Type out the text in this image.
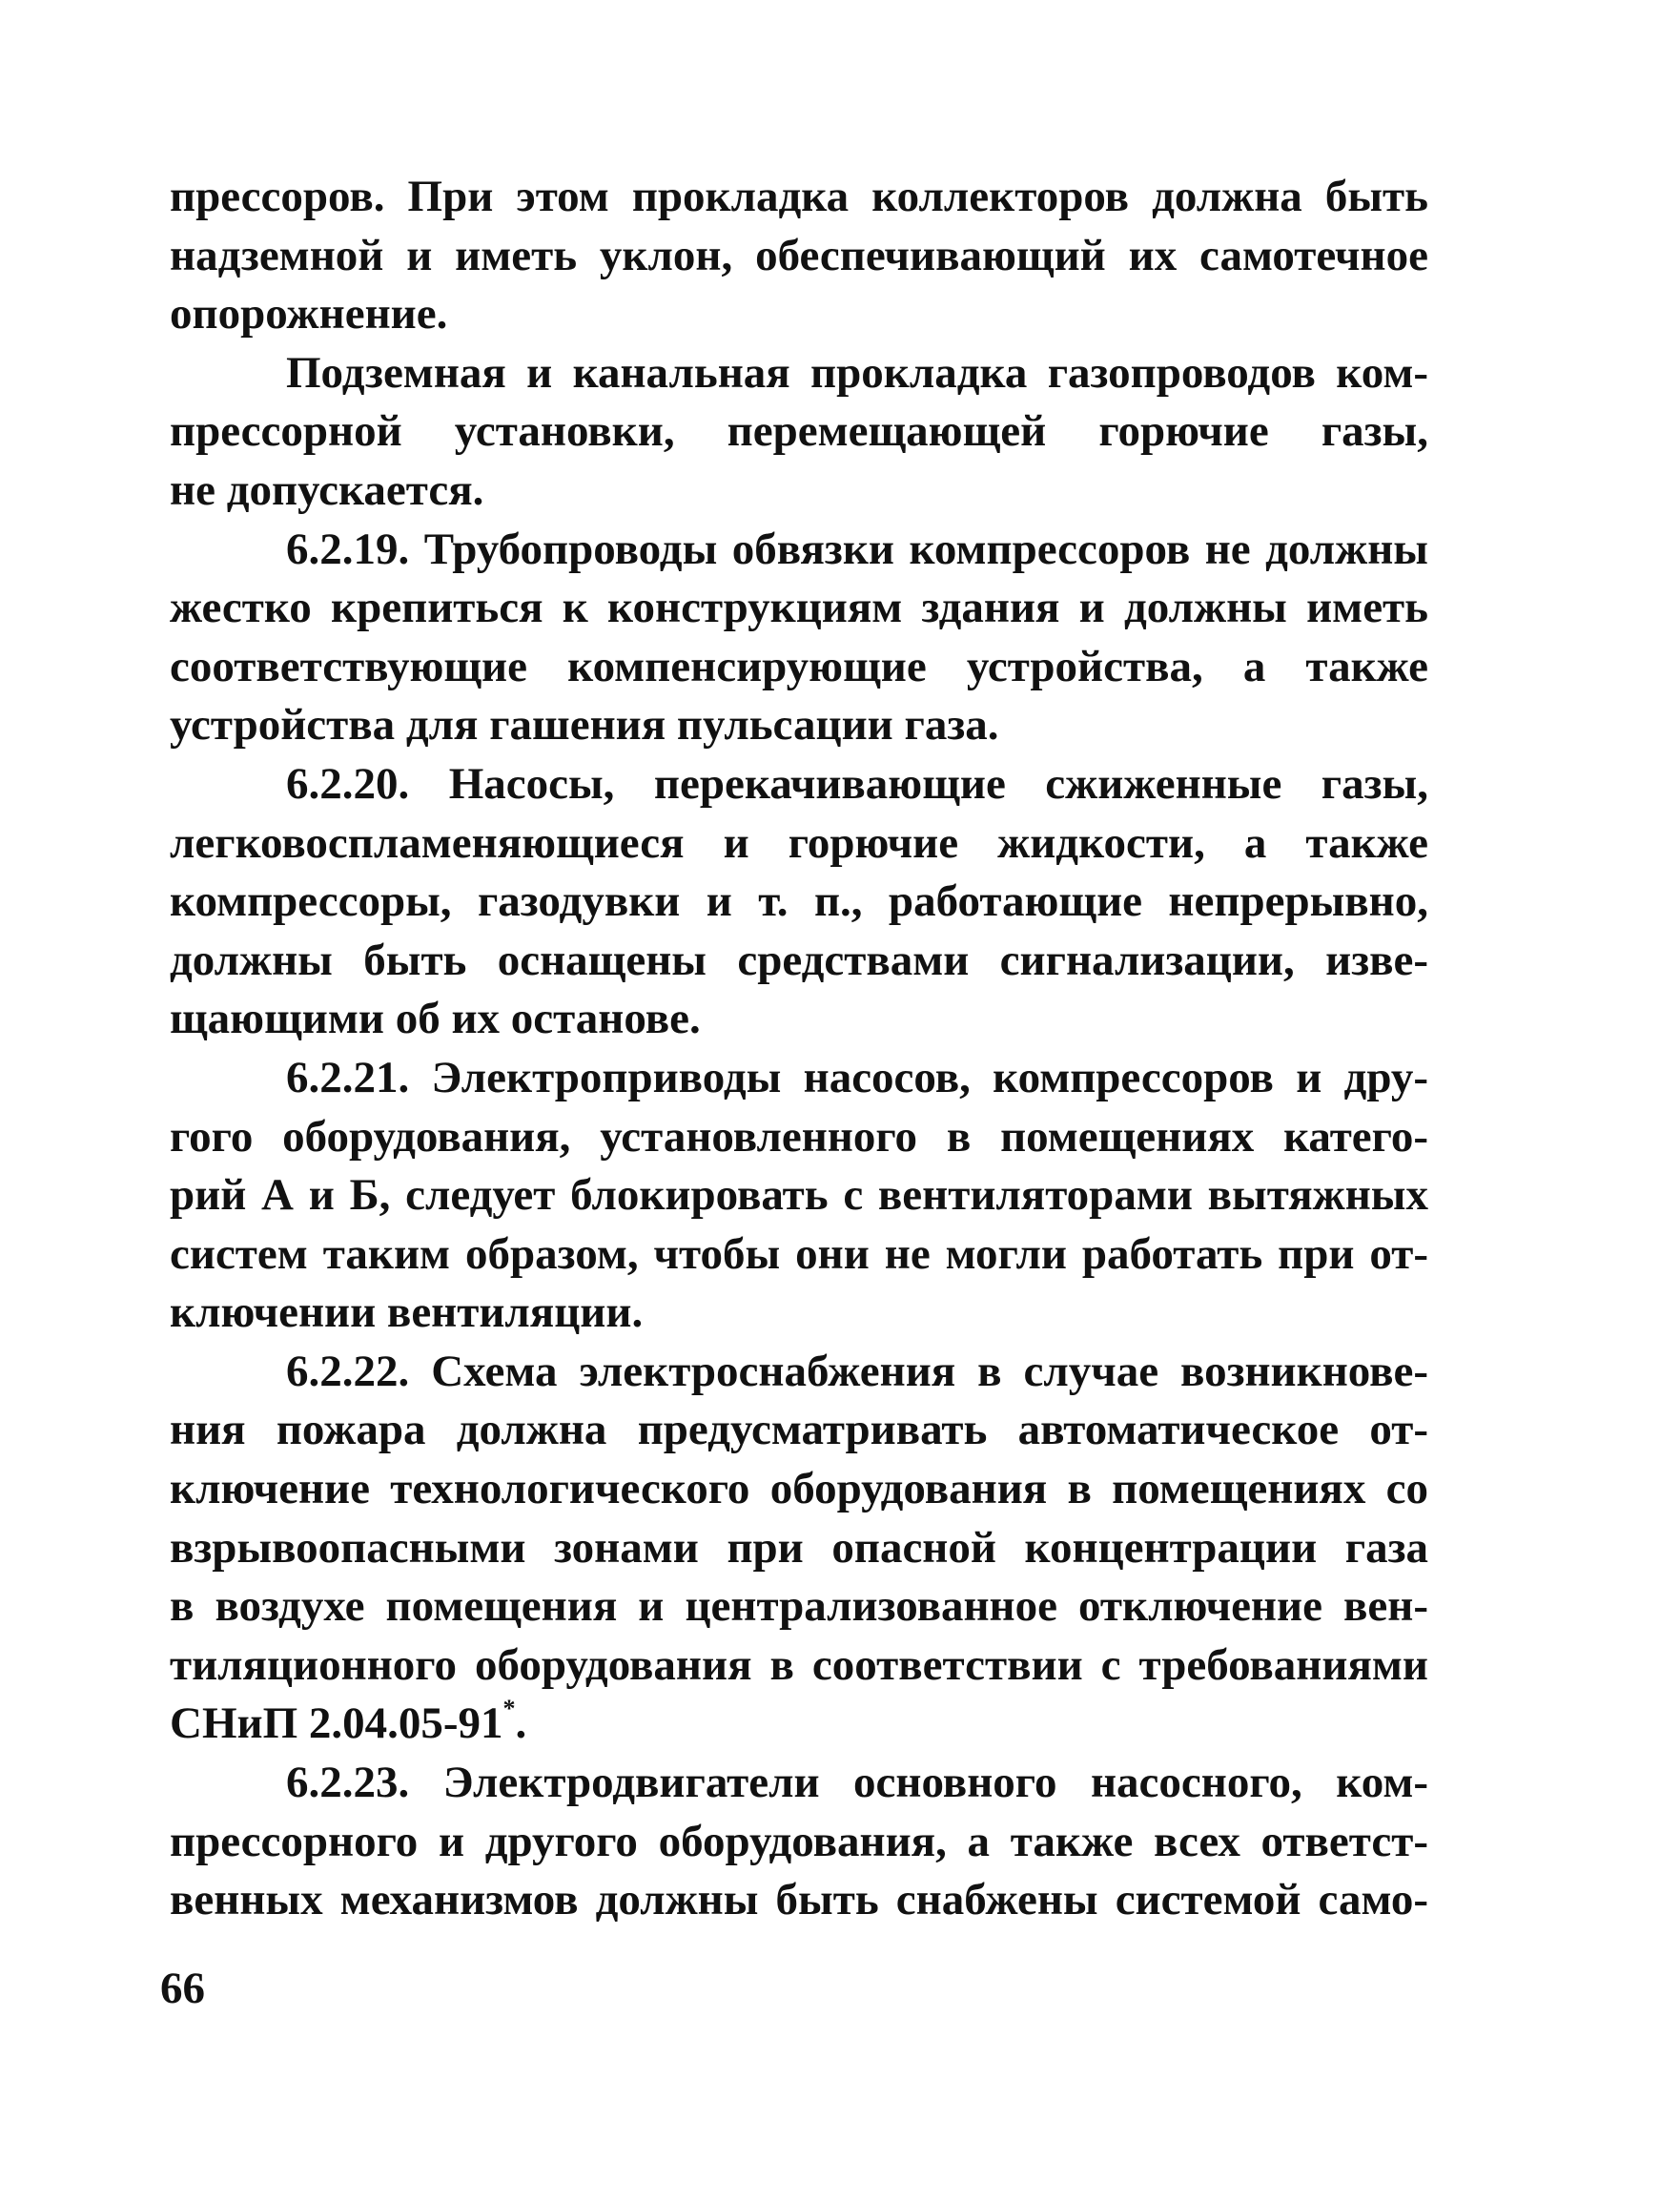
прессоров. При этом прокладка коллекторов должна быть
надземной и иметь уклон, обеспечивающий их самотечное
опорожнение.
Подземная и канальная прокладка газопроводов ком-
прессорной установки, перемещающей горючие газы,
не допускается.
6.2.19. Трубопроводы обвязки компрессоров не должны
жестко крепиться к конструкциям здания и должны иметь
соответствующие компенсирующие устройства, а также
устройства для гашения пульсации газа.
6.2.20. Насосы, перекачивающие сжиженные газы,
легковоспламеняющиеся и горючие жидкости, а также
компрессоры, газодувки и т. п., работающие непрерывно,
должны быть оснащены средствами сигнализации, изве-
щающими об их останове.
6.2.21. Электроприводы насосов, компрессоров и дру-
гого оборудования, установленного в помещениях катего-
рий А и Б, следует блокировать с вентиляторами вытяжных
систем таким образом, чтобы они не могли работать при от-
ключении вентиляции.
6.2.22. Схема электроснабжения в случае возникнове-
ния пожара должна предусматривать автоматическое от-
ключение технологического оборудования в помещениях со
взрывоопасными зонами при опасной концентрации газа
в воздухе помещения и централизованное отключение вен-
тиляционного оборудования в соответствии с требованиями
СНиП 2.04.05-91*.
6.2.23. Электродвигатели основного насосного, ком-
прессорного и другого оборудования, а также всех ответст-
венных механизмов должны быть снабжены системой само-
66
